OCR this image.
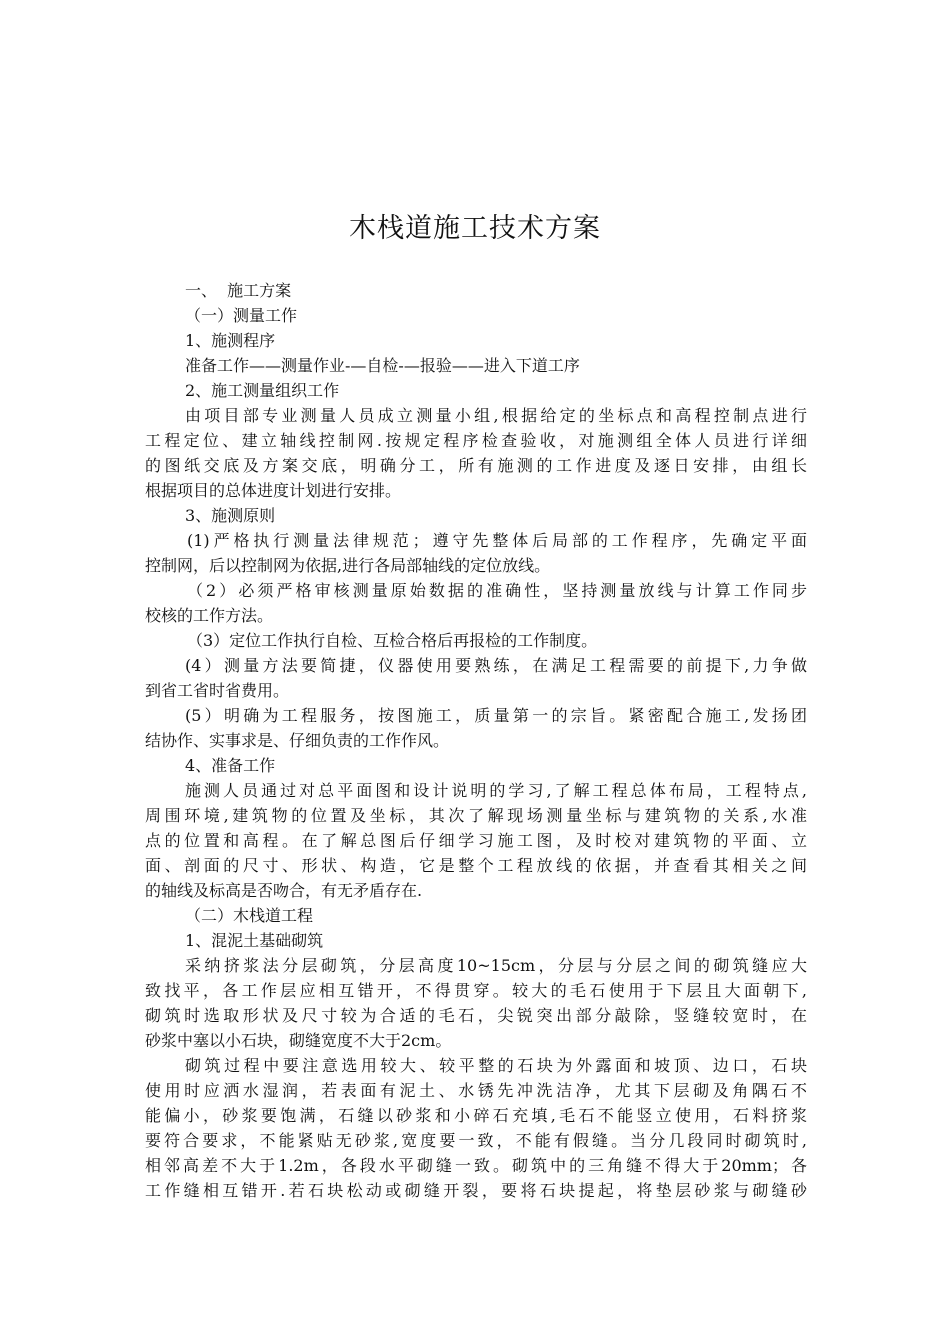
木栈道施工技术方案
一、  施工方案
（一）测量工作
1、施测程序
准备工作——测量作业-—自检-—报验——进入下道工序
2、施工测量组织工作
由项目部专业测量人员成立测量小组,根据给定的坐标点和高程控制点进行
工程定位、建立轴线控制网.按规定程序检查验收，对施测组全体人员进行详细
的图纸交底及方案交底，明确分工，所有施测的工作进度及逐日安排，由组长
根据项目的总体进度计划进行安排。
3、施测原则
(1)严格执行测量法律规范；遵守先整体后局部的工作程序，先确定平面
控制网，后以控制网为依据,进行各局部轴线的定位放线。
（2）必须严格审核测量原始数据的准确性，坚持测量放线与计算工作同步
校核的工作方法。
（3）定位工作执行自检、互检合格后再报检的工作制度。
(4）测量方法要简捷，仪器使用要熟练，在满足工程需要的前提下,力争做
到省工省时省费用。
(5）明确为工程服务，按图施工，质量第一的宗旨。紧密配合施工,发扬团
结协作、实事求是、仔细负责的工作作风。
4、准备工作
施测人员通过对总平面图和设计说明的学习,了解工程总体布局，工程特点,
周围环境,建筑物的位置及坐标，其次了解现场测量坐标与建筑物的关系,水准
点的位置和高程。在了解总图后仔细学习施工图，及时校对建筑物的平面、立
面、剖面的尺寸、形状、构造，它是整个工程放线的依据，并查看其相关之间
的轴线及标高是否吻合，有无矛盾存在.
（二）木栈道工程
1、混泥土基础砌筑
采纳挤浆法分层砌筑，分层高度10~15cm，分层与分层之间的砌筑缝应大
致找平，各工作层应相互错开，不得贯穿。较大的毛石使用于下层且大面朝下,
砌筑时选取形状及尺寸较为合适的毛石，尖锐突出部分敲除，竖缝较宽时，在
砂浆中塞以小石块，砌缝宽度不大于2cm。
砌筑过程中要注意选用较大、较平整的石块为外露面和坡顶、边口，石块
使用时应洒水湿润，若表面有泥土、水锈先冲洗洁净，尤其下层砌及角隅石不
能偏小，砂浆要饱满，石缝以砂浆和小碎石充填,毛石不能竖立使用，石料挤浆
要符合要求，不能紧贴无砂浆,宽度要一致，不能有假缝。当分几段同时砌筑时,
相邻高差不大于1.2m，各段水平砌缝一致。砌筑中的三角缝不得大于20mm；各
工作缝相互错开.若石块松动或砌缝开裂，要将石块提起，将垫层砂浆与砌缝砂
